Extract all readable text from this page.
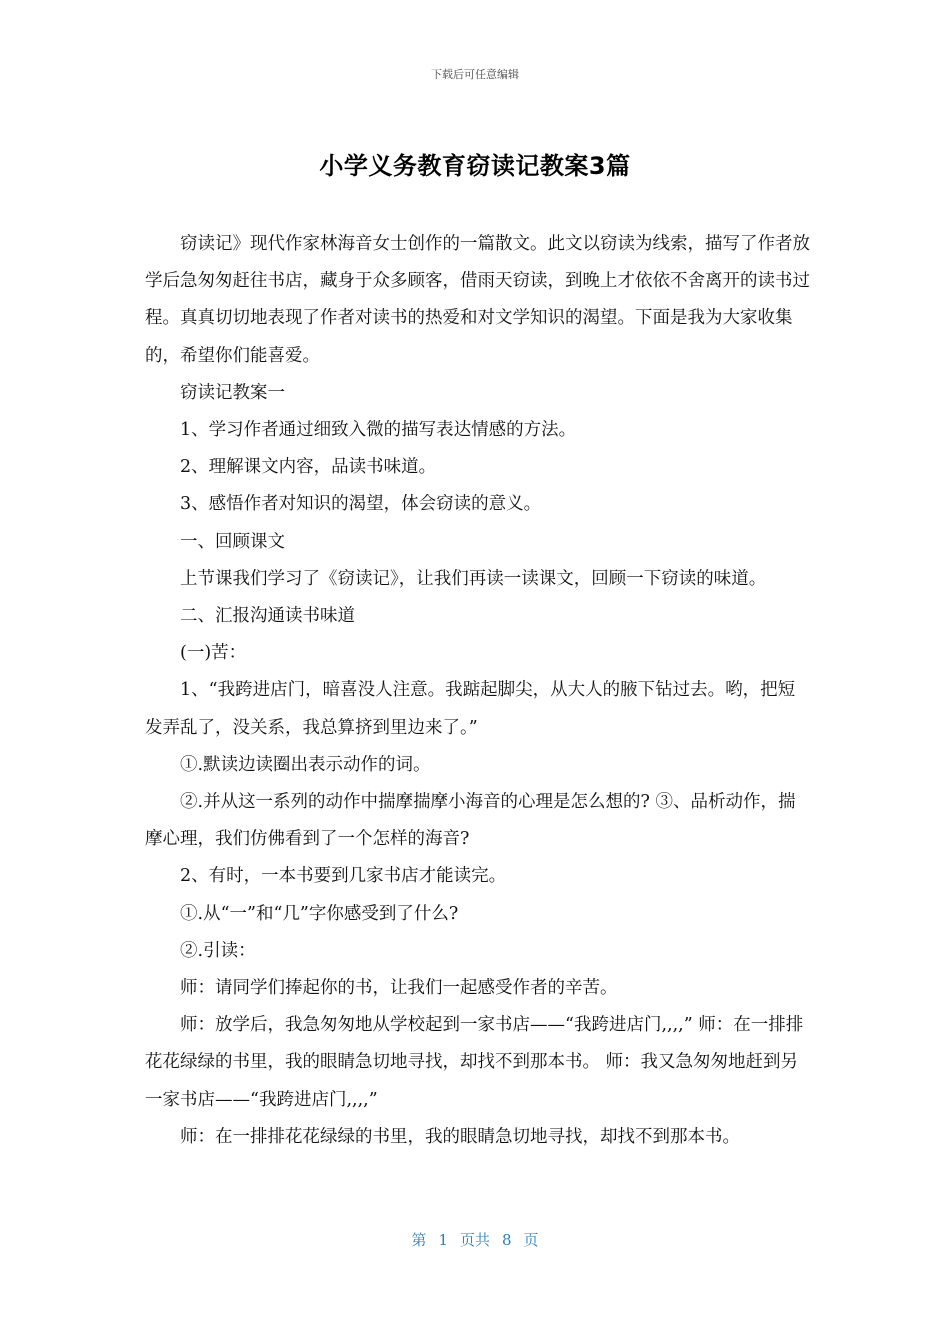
下载后可任意编辑
小学义务教育窃读记教案3篇

窃读记》现代作家林海音女士创作的一篇散文。此文以窃读为线索，描写了作者放学后急匆匆赶往书店，藏身于众多顾客，借雨天窃读，到晚上才依依不舍离开的读书过程。真真切切地表现了作者对读书的热爱和对文学知识的渴望。下面是我为大家收集的，希望你们能喜爱。

窃读记教案一

1、学习作者通过细致入微的描写表达情感的方法。

2、理解课文内容，品读书味道。

3、感悟作者对知识的渴望，体会窃读的意义。

一、回顾课文

上节课我们学习了《窃读记》，让我们再读一读课文，回顾一下窃读的味道。

二、汇报沟通读书味道

(一)苦：

1、“我跨进店门，暗喜没人注意。我踮起脚尖，从大人的腋下钻过去。哟，把短发弄乱了，没关系，我总算挤到里边来了。”

①.默读边读圈出表示动作的词。

②.并从这一系列的动作中揣摩揣摩小海音的心理是怎么想的? ③、品析动作，揣摩心理，我们仿佛看到了一个怎样的海音?

2、有时，一本书要到几家书店才能读完。

①.从“一”和“几”字你感受到了什么?

②.引读：

师：请同学们捧起你的书，让我们一起感受作者的辛苦。

师：放学后，我急匆匆地从学校起到一家书店——“我跨进店门,,,,” 师：在一排排花花绿绿的书里，我的眼睛急切地寻找，却找不到那本书。 师：我又急匆匆地赶到另一家书店——“我跨进店门,,,,”

师：在一排排花花绿绿的书里，我的眼睛急切地寻找，却找不到那本书。

第 1 页共 8 页
